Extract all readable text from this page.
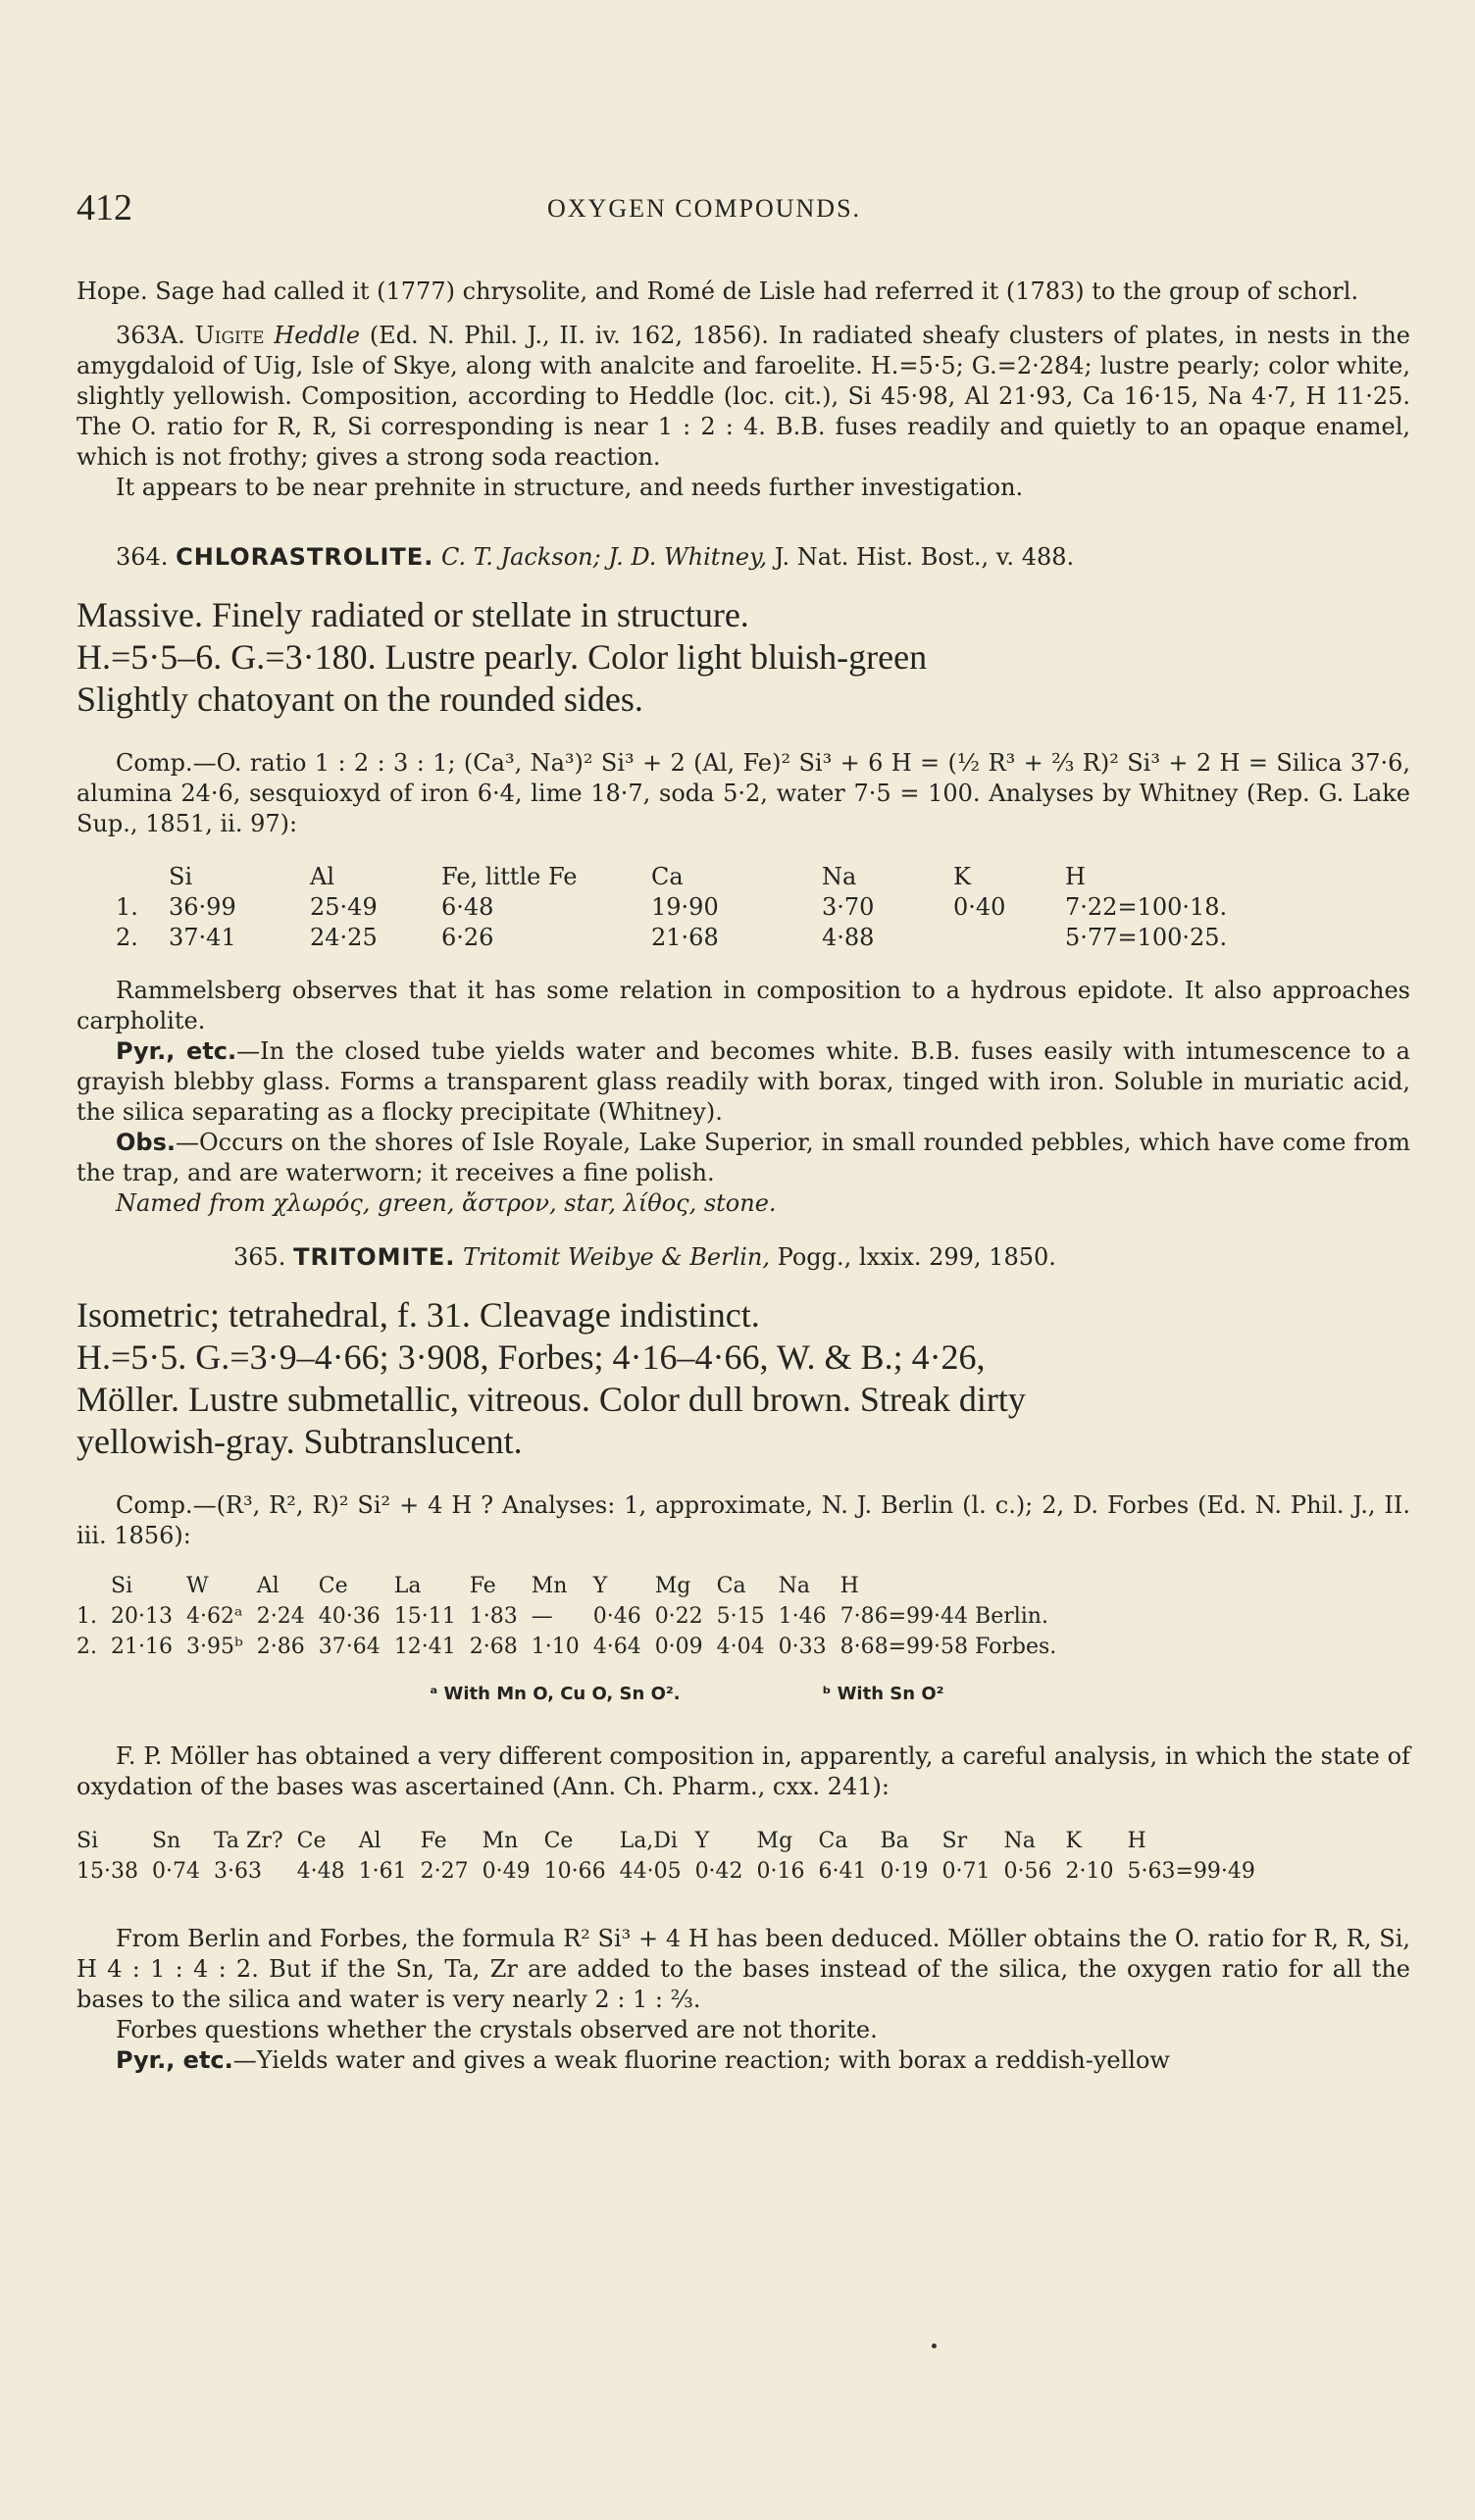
412	OXYGEN COMPOUNDS.

Hope. Sage had called it (1777) chrysolite, and Romé de Lisle had referred it (1783) to the group of schorl.

363A. Uigite Heddle (Ed. N. Phil. J., II. iv. 162, 1856). In radiated sheafy clusters of plates, in nests in the amygdaloid of Uig, Isle of Skye, along with analcite and faroelite. H.=5·5; G.=2·284; lustre pearly; color white, slightly yellowish. Composition, according to Heddle (loc. cit.), Si 45·98, Al 21·93, Ca 16·15, Na 4·7, H 11·25. The O. ratio for R, R, Si corresponding is near 1 : 2 : 4. B.B. fuses readily and quietly to an opaque enamel, which is not frothy; gives a strong soda reaction.

It appears to be near prehnite in structure, and needs further investigation.

364. CHLORASTROLITE. C. T. Jackson; J. D. Whitney, J. Nat. Hist. Bost., v. 488.

Massive. Finely radiated or stellate in structure.

H.=5·5–6. G.=3·180. Lustre pearly. Color light bluish-green

Slightly chatoyant on the rounded sides.

Comp.—O. ratio 1 : 2 : 3 : 1; (Ca³, Na³)² Si³ + 2 (Al, Fe)² Si³ + 6 H = (½ R³ + ⅔ R)² Si³ + 2 H = Silica 37·6, alumina 24·6, sesquioxyd of iron 6·4, lime 18·7, soda 5·2, water 7·5 = 100. Analyses by Whitney (Rep. G. Lake Sup., 1851, ii. 97):

	Si	Al	Fe, little Fe	Ca	Na	K	H
1.	36·99	25·49	6·48	19·90	3·70	0·40	7·22=100·18.
2.	37·41	24·25	6·26	21·68	4·88		5·77=100·25.

Rammelsberg observes that it has some relation in composition to a hydrous epidote. It also approaches carpholite.

Pyr., etc.—In the closed tube yields water and becomes white. B.B. fuses easily with intumescence to a grayish blebby glass. Forms a transparent glass readily with borax, tinged with iron. Soluble in muriatic acid, the silica separating as a flocky precipitate (Whitney).

Obs.—Occurs on the shores of Isle Royale, Lake Superior, in small rounded pebbles, which have come from the trap, and are waterworn; it receives a fine polish.

Named from χλωρός, green, ἄστρον, star, λίθος, stone.

365. TRITOMITE. Tritomit Weibye & Berlin, Pogg., lxxix. 299, 1850.

Isometric; tetrahedral, f. 31. Cleavage indistinct.

H.=5·5. G.=3·9–4·66; 3·908, Forbes; 4·16–4·66, W. & B.; 4·26,

Möller. Lustre submetallic, vitreous. Color dull brown. Streak dirty

yellowish-gray. Subtranslucent.

Comp.—(R³, R², R)² Si² + 4 H ? Analyses: 1, approximate, N. J. Berlin (l. c.); 2, D. Forbes (Ed. N. Phil. J., II. iii. 1856):

	Si	W	Al	Ce	La	Fe	Mn	Y	Mg	Ca	Na	H
1.	20·13	4·62ᵃ	2·24	40·36	15·11	1·83	—	0·46	0·22	5·15	1·46	7·86=99·44 Berlin.
2.	21·16	3·95ᵇ	2·86	37·64	12·41	2·68	1·10	4·64	0·09	4·04	0·33	8·68=99·58 Forbes.
ᵃ With Mn O, Cu O, Sn O².	ᵇ With Sn O²

F. P. Möller has obtained a very different composition in, apparently, a careful analysis, in which the state of oxydation of the bases was ascertained (Ann. Ch. Pharm., cxx. 241):

Si	Sn	Ta Zr?	Ce	Al	Fe	Mn	Ce	La,Di	Y	Mg	Ca	Ba	Sr	Na	K	H
15·38	0·74	3·63	4·48	1·61	2·27	0·49	10·66	44·05	0·42	0·16	6·41	0·19	0·71	0·56	2·10	5·63=99·49

From Berlin and Forbes, the formula R² Si³ + 4 H has been deduced. Möller obtains the O. ratio for R, R, Si, H 4 : 1 : 4 : 2. But if the Sn, Ta, Zr are added to the bases instead of the silica, the oxygen ratio for all the bases to the silica and water is very nearly 2 : 1 : ⅔.

Forbes questions whether the crystals observed are not thorite.

Pyr., etc.—Yields water and gives a weak fluorine reaction; with borax a reddish-yellow
